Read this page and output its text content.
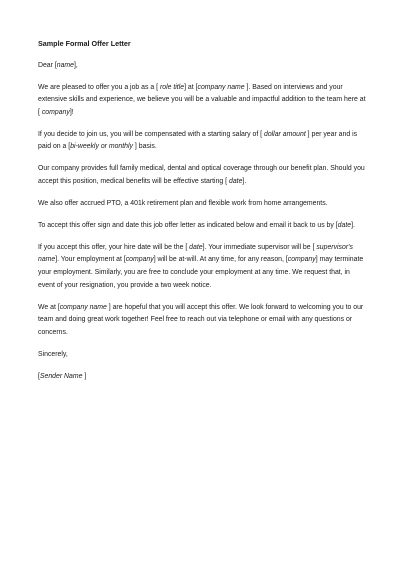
Sample Formal Offer Letter

Dear [name],

We are pleased to offer you a job as a [ role title] at [company name ]. Based on interviews and your extensive skills and experience, we believe you will be a valuable and impactful addition to the team here at [ company]!

If you decide to join us, you will be compensated with a starting salary of [ dollar amount ] per year and is paid on a [bi-weekly or monthly ] basis.

Our company provides full family medical, dental and optical coverage through our benefit plan. Should you accept this position, medical benefits will be effective starting [ date].

We also offer accrued PTO, a 401k retirement plan and flexible work from home arrangements.

To accept this offer sign and date this job offer letter as indicated below and email it back to us by [date].

If you accept this offer, your hire date will be the [ date]. Your immediate supervisor will be [ supervisor's name]. Your employment at [company] will be at-will. At any time, for any reason, [company] may terminate your employment. Similarly, you are free to conclude your employment at any time. We request that, in event of your resignation, you provide a two week notice.

We at [company name ] are hopeful that you will accept this offer. We look forward to welcoming you to our team and doing great work together! Feel free to reach out via telephone or email with any questions or concerns.

Sincerely,

[Sender Name ]
